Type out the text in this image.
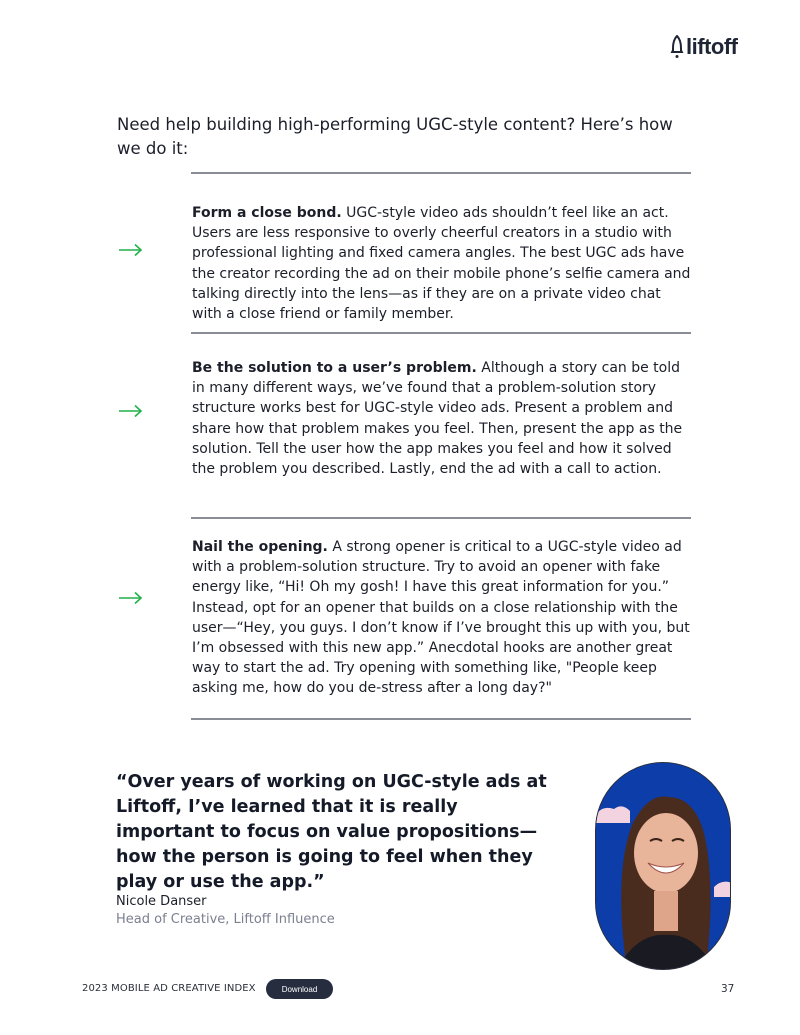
liftoff
Need help building high-performing UGC-style content? Here’s how we do it:
Form a close bond. UGC-style video ads shouldn’t feel like an act. Users are less responsive to overly cheerful creators in a studio with professional lighting and fixed camera angles. The best UGC ads have the creator recording the ad on their mobile phone’s selfie camera and talking directly into the lens—as if they are on a private video chat with a close friend or family member.
Be the solution to a user’s problem. Although a story can be told in many different ways, we’ve found that a problem-solution story structure works best for UGC-style video ads. Present a problem and share how that problem makes you feel. Then, present the app as the solution. Tell the user how the app makes you feel and how it solved the problem you described. Lastly, end the ad with a call to action.
Nail the opening. A strong opener is critical to a UGC-style video ad with a problem-solution structure. Try to avoid an opener with fake energy like, “Hi! Oh my gosh! I have this great information for you.” Instead, opt for an opener that builds on a close relationship with the user—“Hey, you guys. I don’t know if I’ve brought this up with you, but I’m obsessed with this new app.” Anecdotal hooks are another great way to start the ad. Try opening with something like, "People keep asking me, how do you de-stress after a long day?"
“Over years of working on UGC-style ads at Liftoff, I’ve learned that it is really important to focus on value propositions—how the person is going to feel when they play or use the app.”
Nicole Danser
Head of Creative, Liftoff Influence
2023 MOBILE AD CREATIVE INDEX	Download	37
